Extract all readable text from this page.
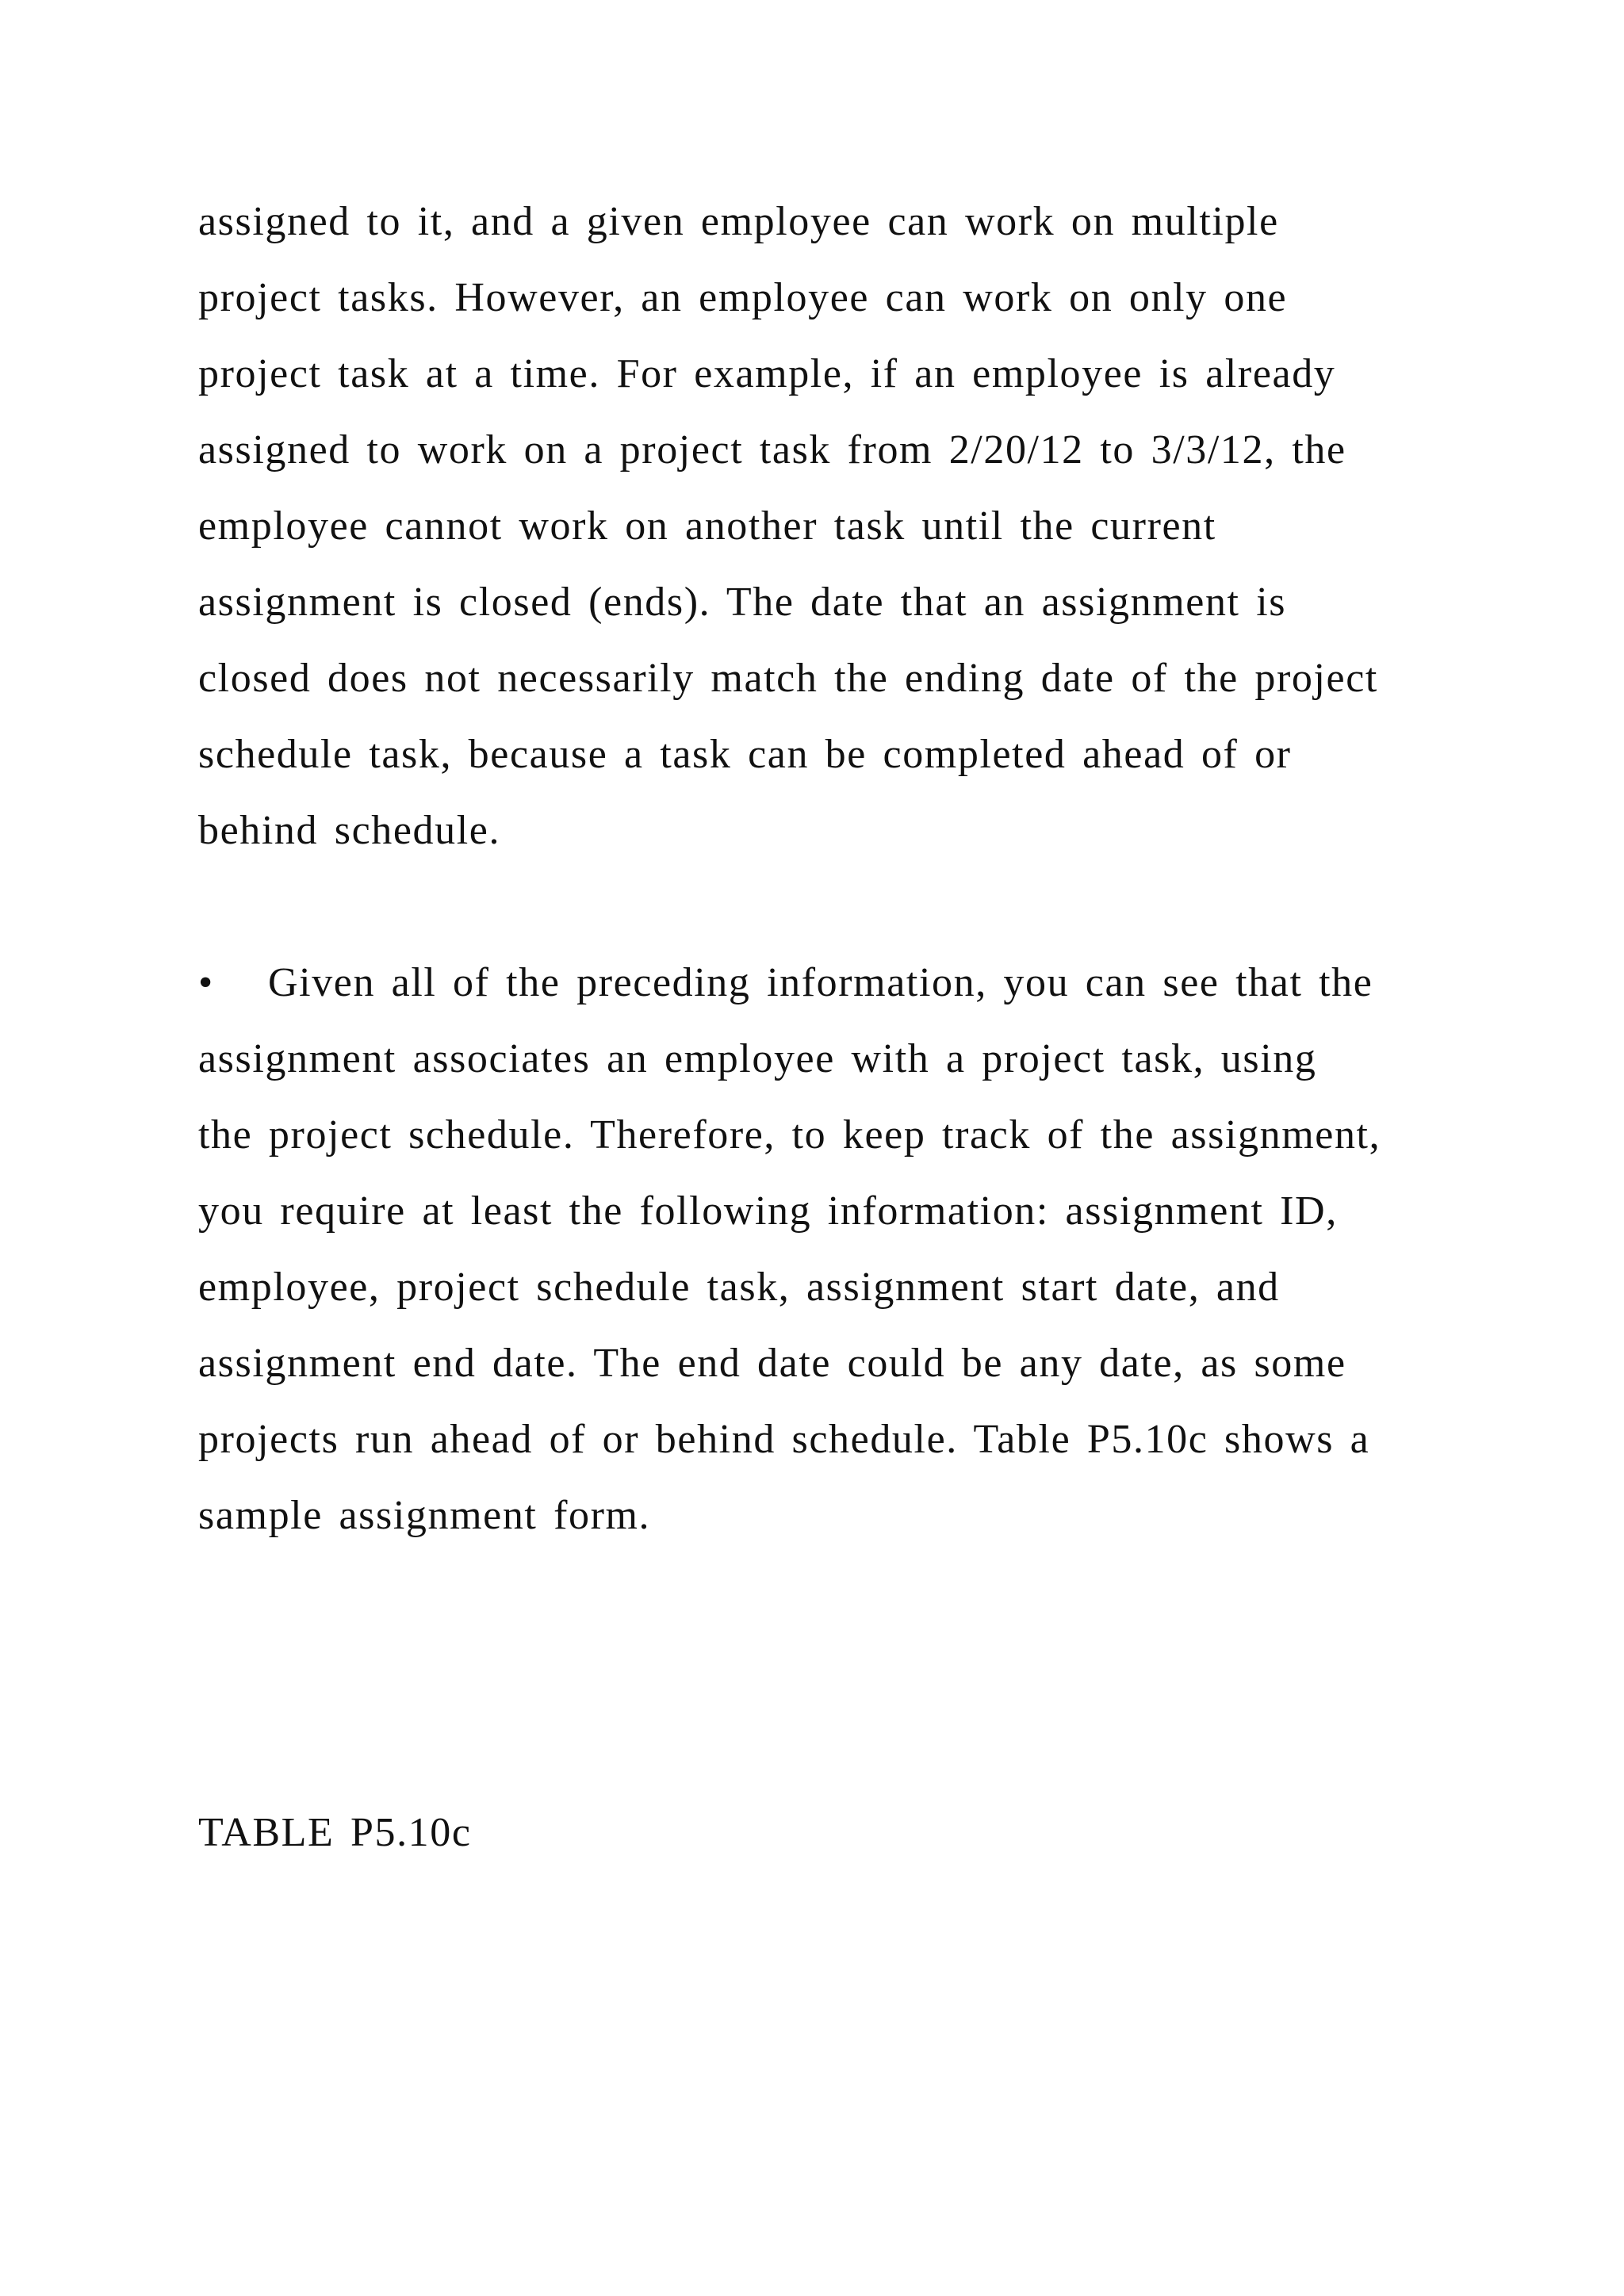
assigned to it, and a given employee can work on multiple
project tasks. However, an employee can work on only one
project task at a time. For example, if an employee is already
assigned to work on a project task from 2/20/12 to 3/3/12, the
employee cannot work on another task until the current
assignment is closed (ends). The date that an assignment is
closed does not necessarily match the ending date of the project
schedule task, because a task can be completed ahead of or
behind schedule.
• Given all of the preceding information, you can see that the
assignment associates an employee with a project task, using
the project schedule. Therefore, to keep track of the assignment,
you require at least the following information: assignment ID,
employee, project schedule task, assignment start date, and
assignment end date. The end date could be any date, as some
projects run ahead of or behind schedule. Table P5.10c shows a
sample assignment form.
TABLE P5.10c
